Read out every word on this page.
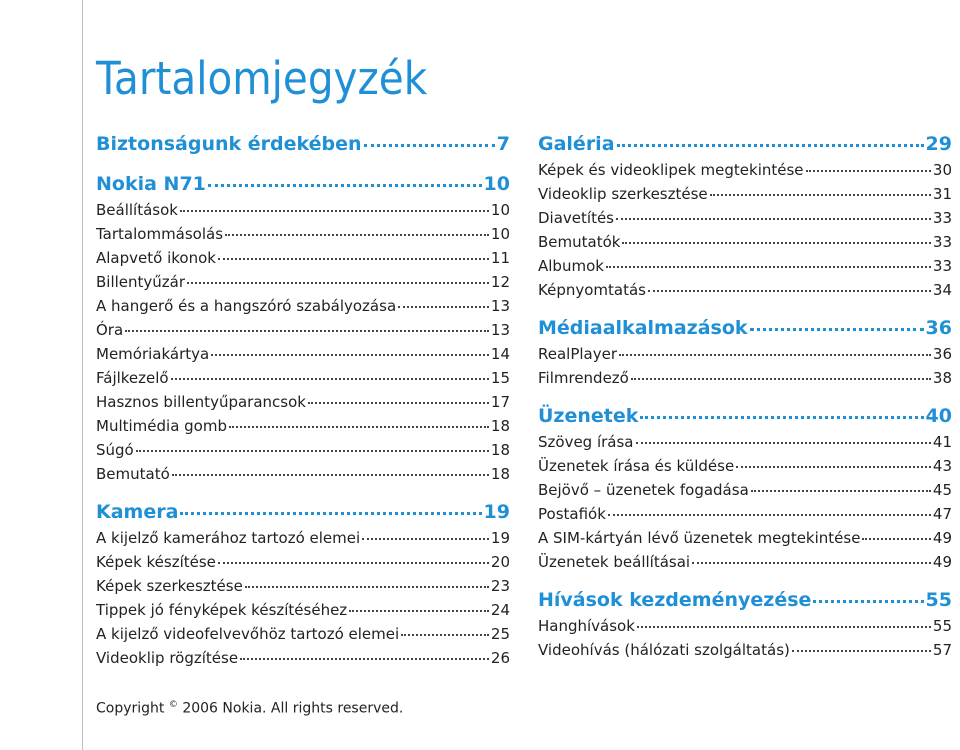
Tartalomjegyzék
Biztonságunk érdekében	7
Nokia N71	10
Beállítások	10
Tartalommásolás	10
Alapvető ikonok	11
Billentyűzár	12
A hangerő és a hangszóró szabályozása	13
Óra	13
Memóriakártya	14
Fájlkezelő	15
Hasznos billentyűparancsok	17
Multimédia gomb	18
Súgó	18
Bemutató	18
Kamera	19
A kijelző kamerához tartozó elemei	19
Képek készítése	20
Képek szerkesztése	23
Tippek jó fényképek készítéséhez	24
A kijelző videofelvevőhöz tartozó elemei	25
Videoklip rögzítése	26
Galéria	29
Képek és videoklipek megtekintése	30
Videoklip szerkesztése	31
Diavetítés	33
Bemutatók	33
Albumok	33
Képnyomtatás	34
Médiaalkalmazások	36
RealPlayer	36
Filmrendező	38
Üzenetek	40
Szöveg írása	41
Üzenetek írása és küldése	43
Bejövő – üzenetek fogadása	45
Postafiók	47
A SIM-kártyán lévő üzenetek megtekintése	49
Üzenetek beállításai	49
Hívások kezdeményezése	55
Hanghívások	55
Videohívás (hálózati szolgáltatás)	57
Copyright © 2006 Nokia. All rights reserved.
